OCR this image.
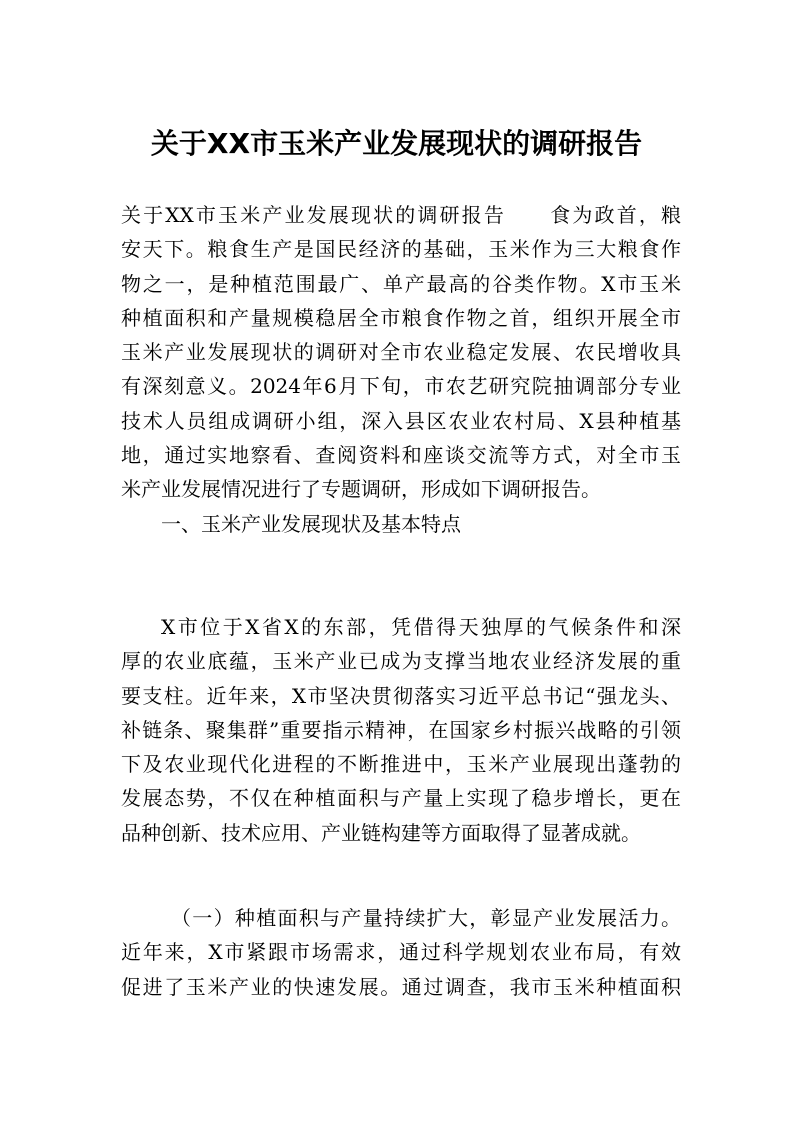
关于XX市玉米产业发展现状的调研报告
关于XX市玉米产业发展现状的调研报告　　食为政首，粮
安天下。粮食生产是国民经济的基础，玉米作为三大粮食作
物之一，是种植范围最广、单产最高的谷类作物。X市玉米
种植面积和产量规模稳居全市粮食作物之首，组织开展全市
玉米产业发展现状的调研对全市农业稳定发展、农民增收具
有深刻意义。2024年6月下旬，市农艺研究院抽调部分专业
技术人员组成调研小组，深入县区农业农村局、X县种植基
地，通过实地察看、查阅资料和座谈交流等方式，对全市玉
米产业发展情况进行了专题调研，形成如下调研报告。
一、玉米产业发展现状及基本特点
X市位于X省X的东部，凭借得天独厚的气候条件和深
厚的农业底蕴，玉米产业已成为支撑当地农业经济发展的重
要支柱。近年来，X市坚决贯彻落实习近平总书记“强龙头、
补链条、聚集群”重要指示精神，在国家乡村振兴战略的引领
下及农业现代化进程的不断推进中，玉米产业展现出蓬勃的
发展态势，不仅在种植面积与产量上实现了稳步增长，更在
品种创新、技术应用、产业链构建等方面取得了显著成就。
（一）种植面积与产量持续扩大，彰显产业发展活力。
近年来，X市紧跟市场需求，通过科学规划农业布局，有效
促进了玉米产业的快速发展。通过调查，我市玉米种植面积
